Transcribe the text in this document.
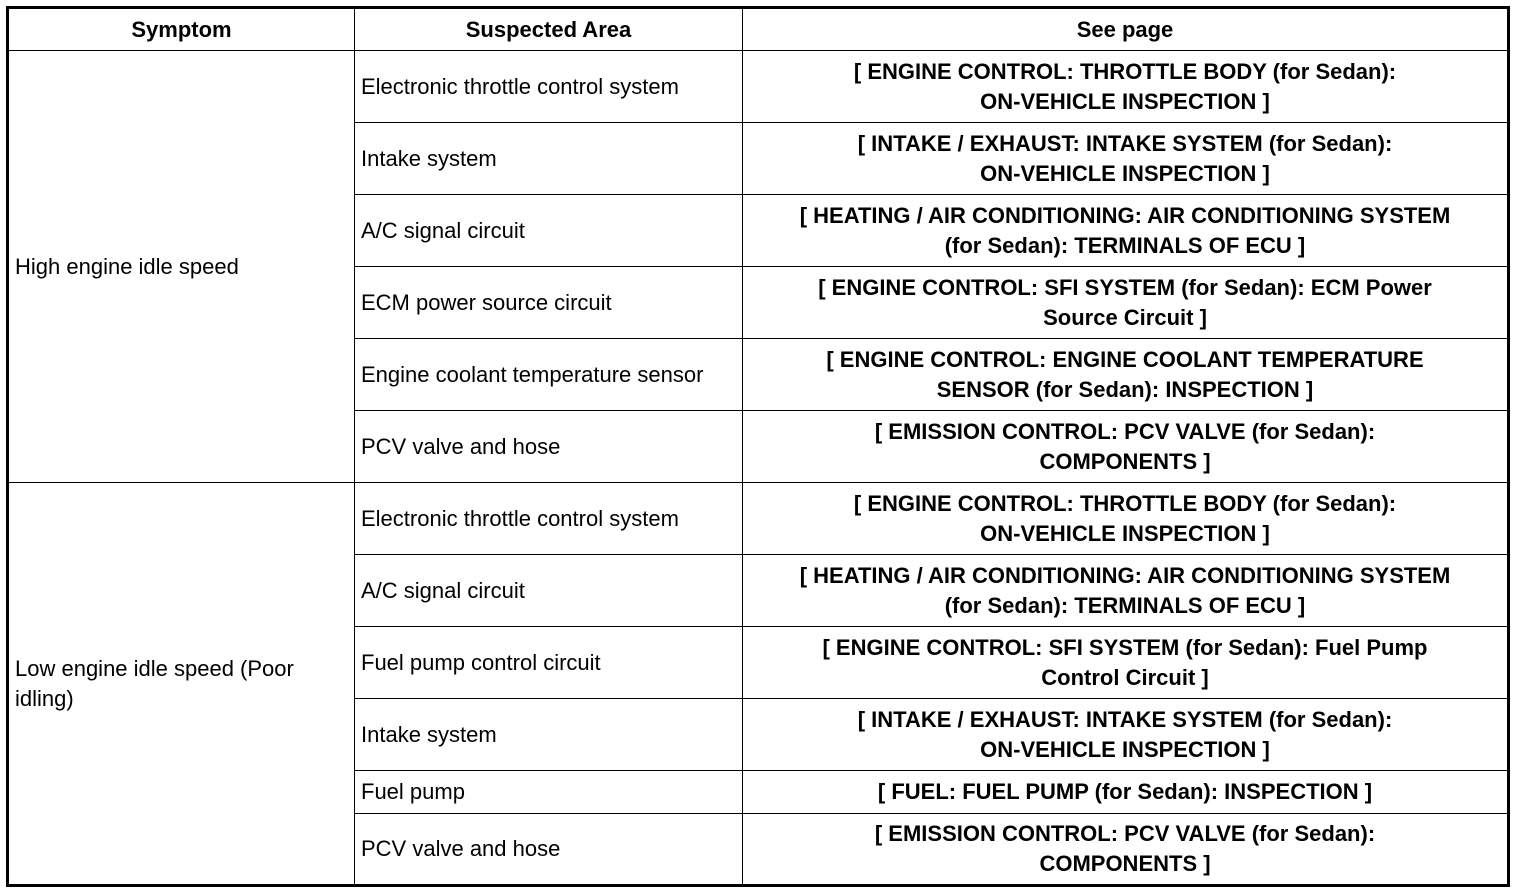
Symptom	Suspected Area	See page
High engine idle speed	Electronic throttle control system	[ ENGINE CONTROL: THROTTLE BODY (for Sedan):
ON-VEHICLE INSPECTION ]
	Intake system	[ INTAKE / EXHAUST: INTAKE SYSTEM (for Sedan):
ON-VEHICLE INSPECTION ]
	A/C signal circuit	[ HEATING / AIR CONDITIONING: AIR CONDITIONING SYSTEM
(for Sedan): TERMINALS OF ECU ]
	ECM power source circuit	[ ENGINE CONTROL: SFI SYSTEM (for Sedan): ECM Power
Source Circuit ]
	Engine coolant temperature sensor	[ ENGINE CONTROL: ENGINE COOLANT TEMPERATURE
SENSOR (for Sedan): INSPECTION ]
	PCV valve and hose	[ EMISSION CONTROL: PCV VALVE (for Sedan):
COMPONENTS ]
Low engine idle speed (Poor idling)	Electronic throttle control system	[ ENGINE CONTROL: THROTTLE BODY (for Sedan):
ON-VEHICLE INSPECTION ]
	A/C signal circuit	[ HEATING / AIR CONDITIONING: AIR CONDITIONING SYSTEM
(for Sedan): TERMINALS OF ECU ]
	Fuel pump control circuit	[ ENGINE CONTROL: SFI SYSTEM (for Sedan): Fuel Pump
Control Circuit ]
	Intake system	[ INTAKE / EXHAUST: INTAKE SYSTEM (for Sedan):
ON-VEHICLE INSPECTION ]
	Fuel pump	[ FUEL: FUEL PUMP (for Sedan): INSPECTION ]
	PCV valve and hose	[ EMISSION CONTROL: PCV VALVE (for Sedan):
COMPONENTS ]
